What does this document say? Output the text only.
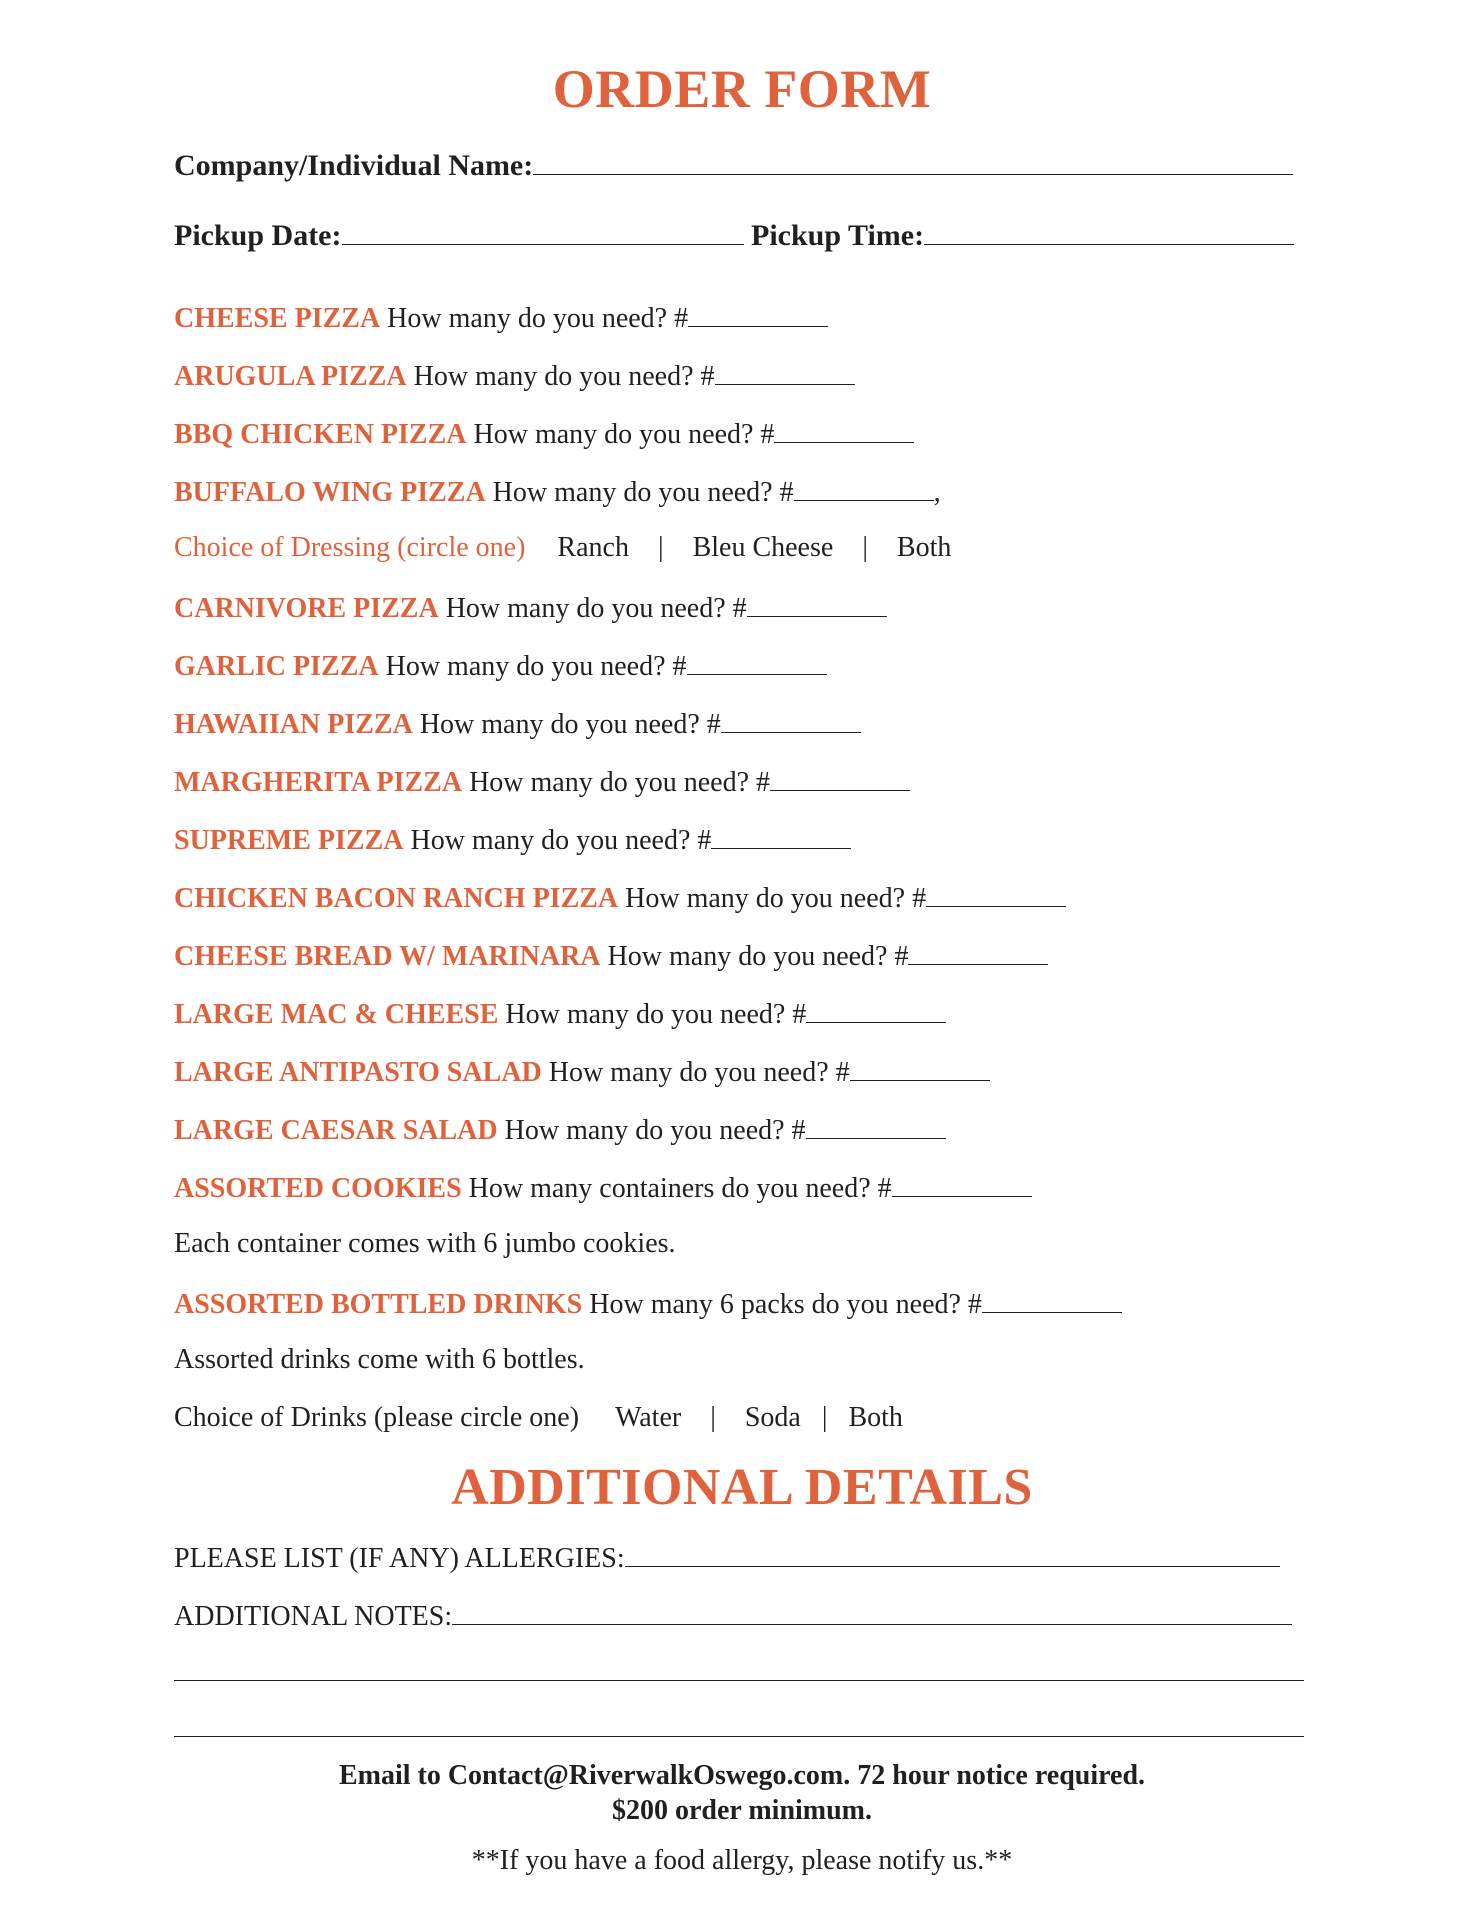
ORDER FORM
Company/Individual Name:
Pickup Date:	Pickup Time:
CHEESE PIZZA How many do you need? #
ARUGULA PIZZA How many do you need? #
BBQ CHICKEN PIZZA How many do you need? #
BUFFALO WING PIZZA How many do you need? #	,
Choice of Dressing (circle one) Ranch | Bleu Cheese | Both
CARNIVORE PIZZA How many do you need? #
GARLIC PIZZA How many do you need? #
HAWAIIAN PIZZA How many do you need? #
MARGHERITA PIZZA How many do you need? #
SUPREME PIZZA How many do you need? #
CHICKEN BACON RANCH PIZZA How many do you need? #
CHEESE BREAD W/ MARINARA How many do you need? #
LARGE MAC & CHEESE How many do you need? #
LARGE ANTIPASTO SALAD How many do you need? #
LARGE CAESAR SALAD How many do you need? #
ASSORTED COOKIES How many containers do you need? #
Each container comes with 6 jumbo cookies.
ASSORTED BOTTLED DRINKS How many 6 packs do you need? #
Assorted drinks come with 6 bottles.
Choice of Drinks (please circle one) Water | Soda | Both
ADDITIONAL DETAILS
PLEASE LIST (IF ANY) ALLERGIES:
ADDITIONAL NOTES:
Email to Contact@RiverwalkOswego.com. 72 hour notice required.
$200 order minimum.
**If you have a food allergy, please notify us.**
